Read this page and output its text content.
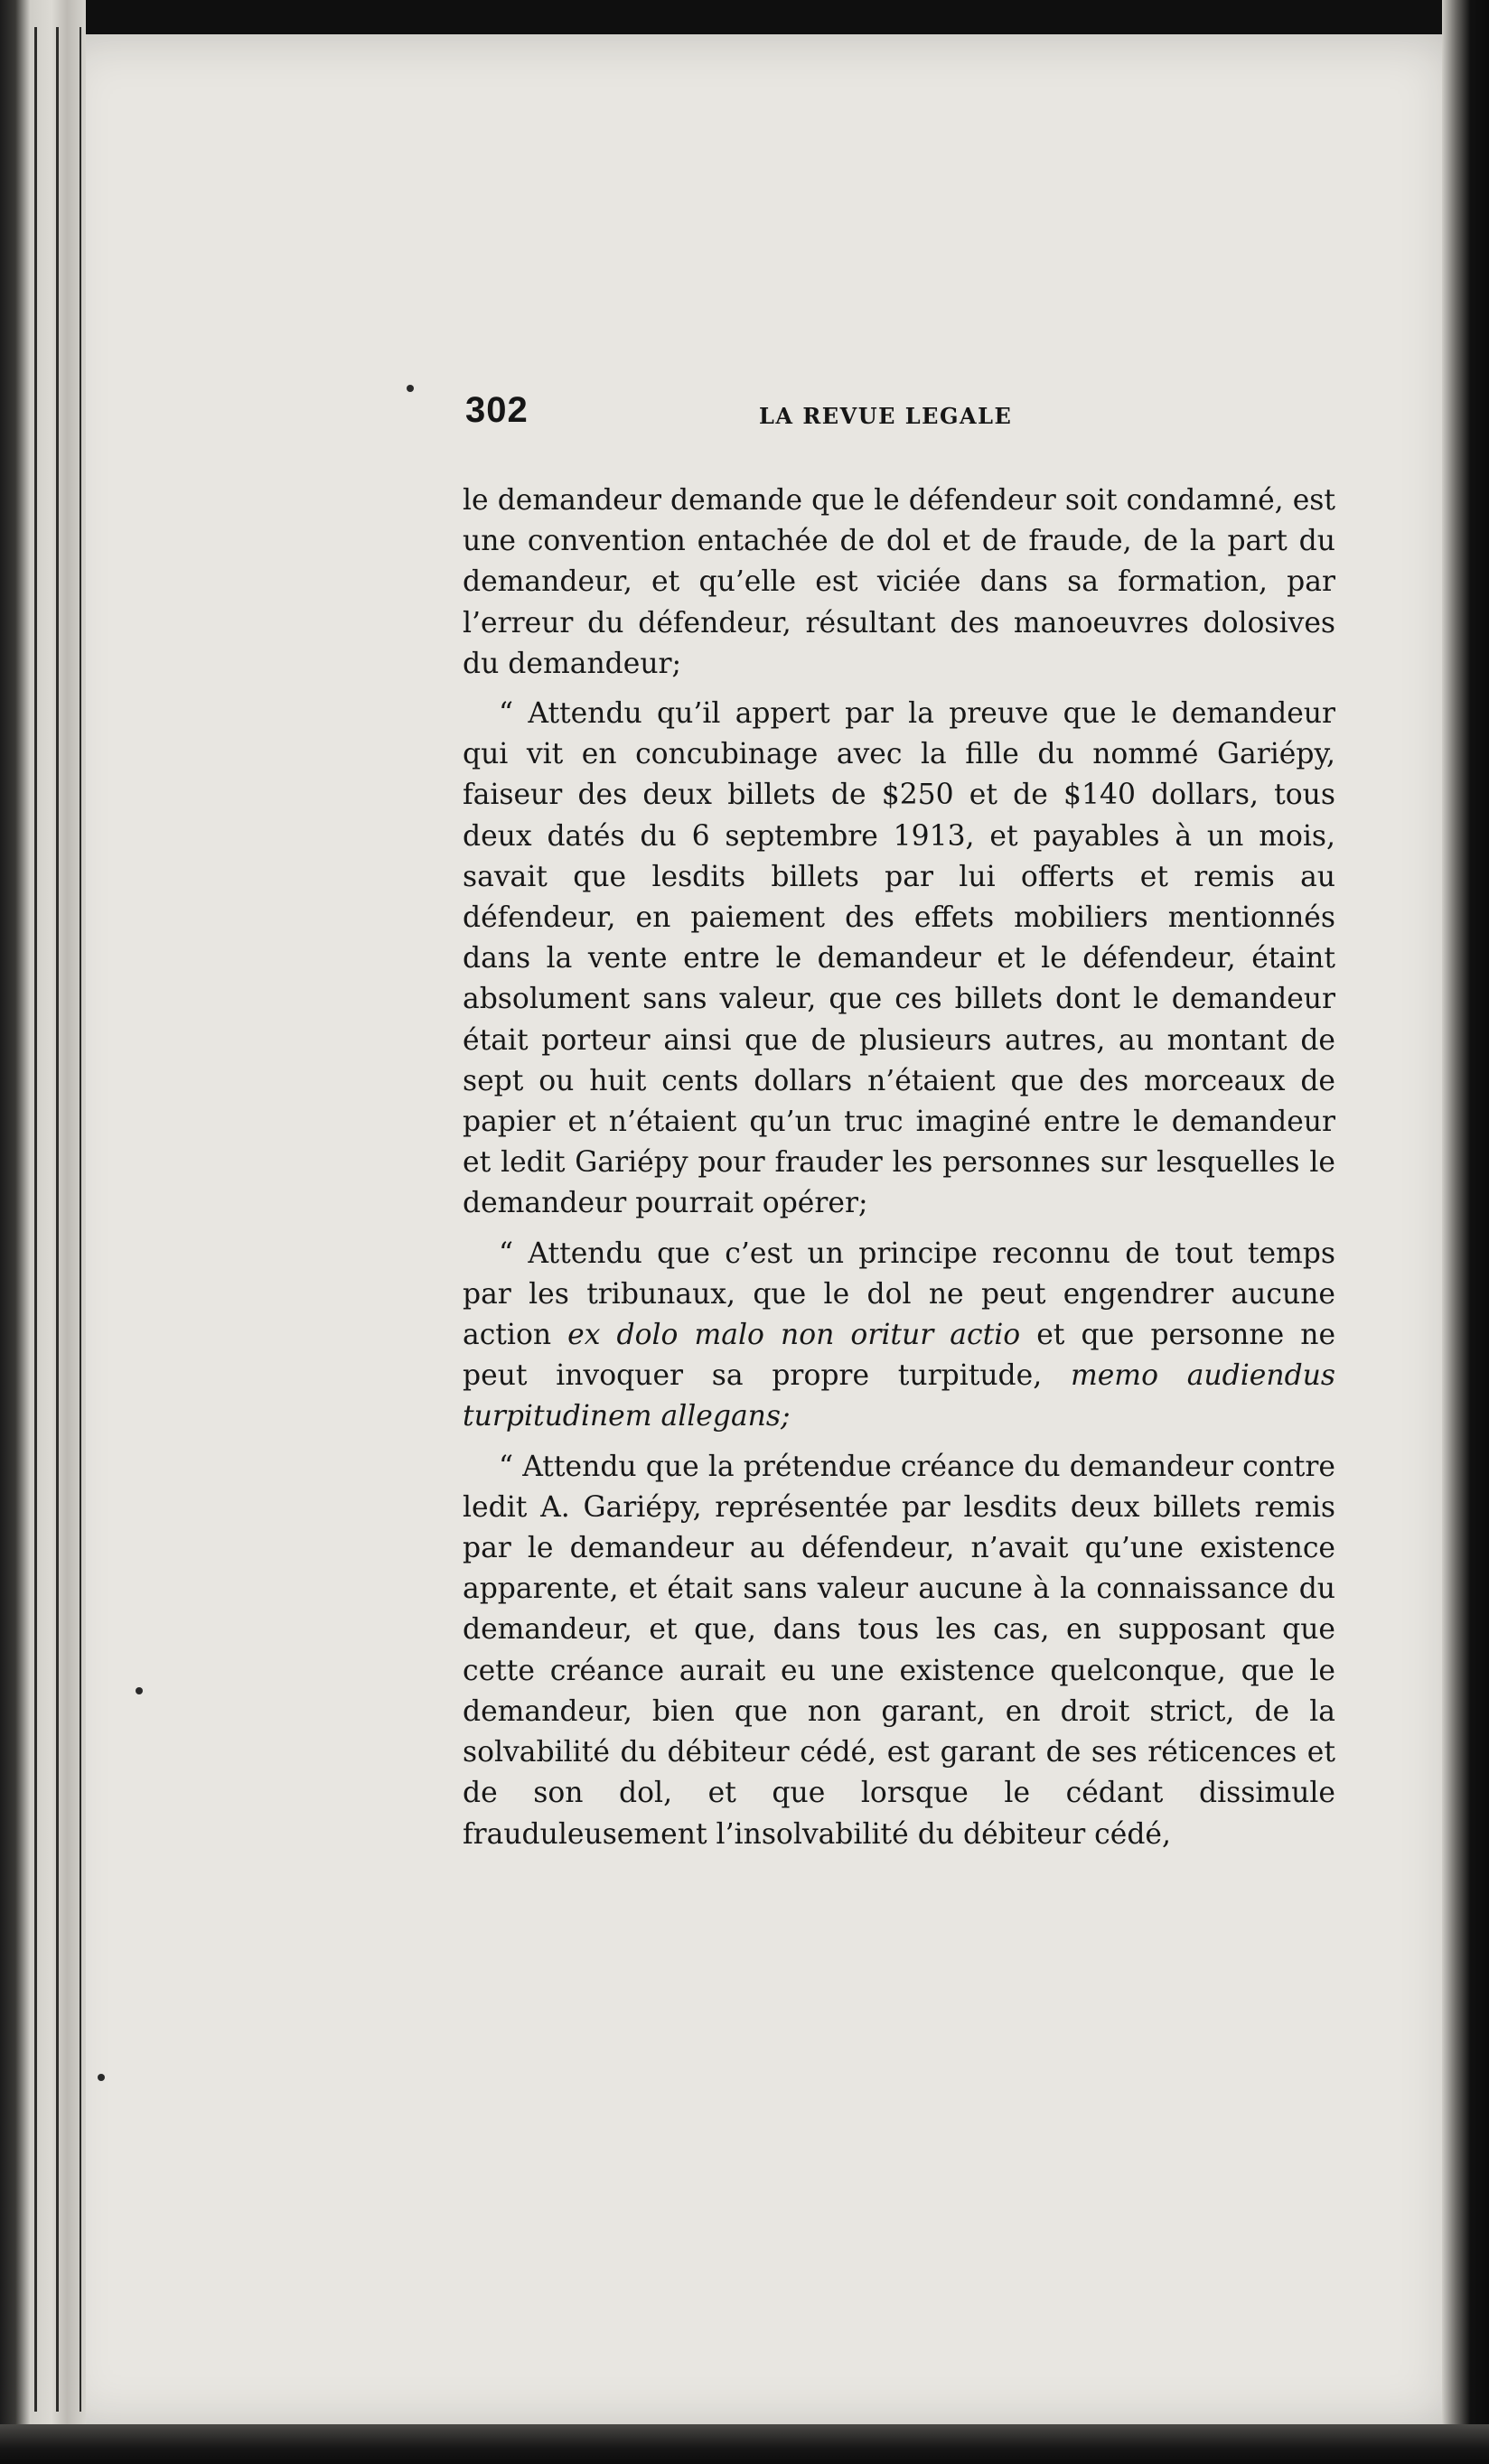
302	LA REVUE LEGALE

le demandeur demande que le défendeur soit condamné, est une convention entachée de dol et de fraude, de la part du demandeur, et qu’elle est viciée dans sa formation, par l’erreur du défendeur, résultant des manoeuvres dolosives du demandeur;

“ Attendu qu’il appert par la preuve que le demandeur qui vit en concubinage avec la fille du nommé Gariépy, faiseur des deux billets de $250 et de $140 dollars, tous deux datés du 6 septembre 1913, et payables à un mois, savait que lesdits billets par lui offerts et remis au défendeur, en paiement des effets mobiliers mentionnés dans la vente entre le demandeur et le défendeur, étaint absolument sans valeur, que ces billets dont le demandeur était porteur ainsi que de plusieurs autres, au montant de sept ou huit cents dollars n’étaient que des morceaux de papier et n’étaient qu’un truc imaginé entre le demandeur et ledit Gariépy pour frauder les personnes sur lesquelles le demandeur pourrait opérer;

“ Attendu que c’est un principe reconnu de tout temps par les tribunaux, que le dol ne peut engendrer aucune action ex dolo malo non oritur actio et que personne ne peut invoquer sa propre turpitude, memo audiendus turpitudinem allegans;

“ Attendu que la prétendue créance du demandeur contre ledit A. Gariépy, représentée par lesdits deux billets remis par le demandeur au défendeur, n’avait qu’une existence apparente, et était sans valeur aucune à la connaissance du demandeur, et que, dans tous les cas, en supposant que cette créance aurait eu une existence quelconque, que le demandeur, bien que non garant, en droit strict, de la solvabilité du débiteur cédé, est garant de ses réticences et de son dol, et que lorsque le cédant dissimule frauduleusement l’insolvabilité du débiteur cédé,
